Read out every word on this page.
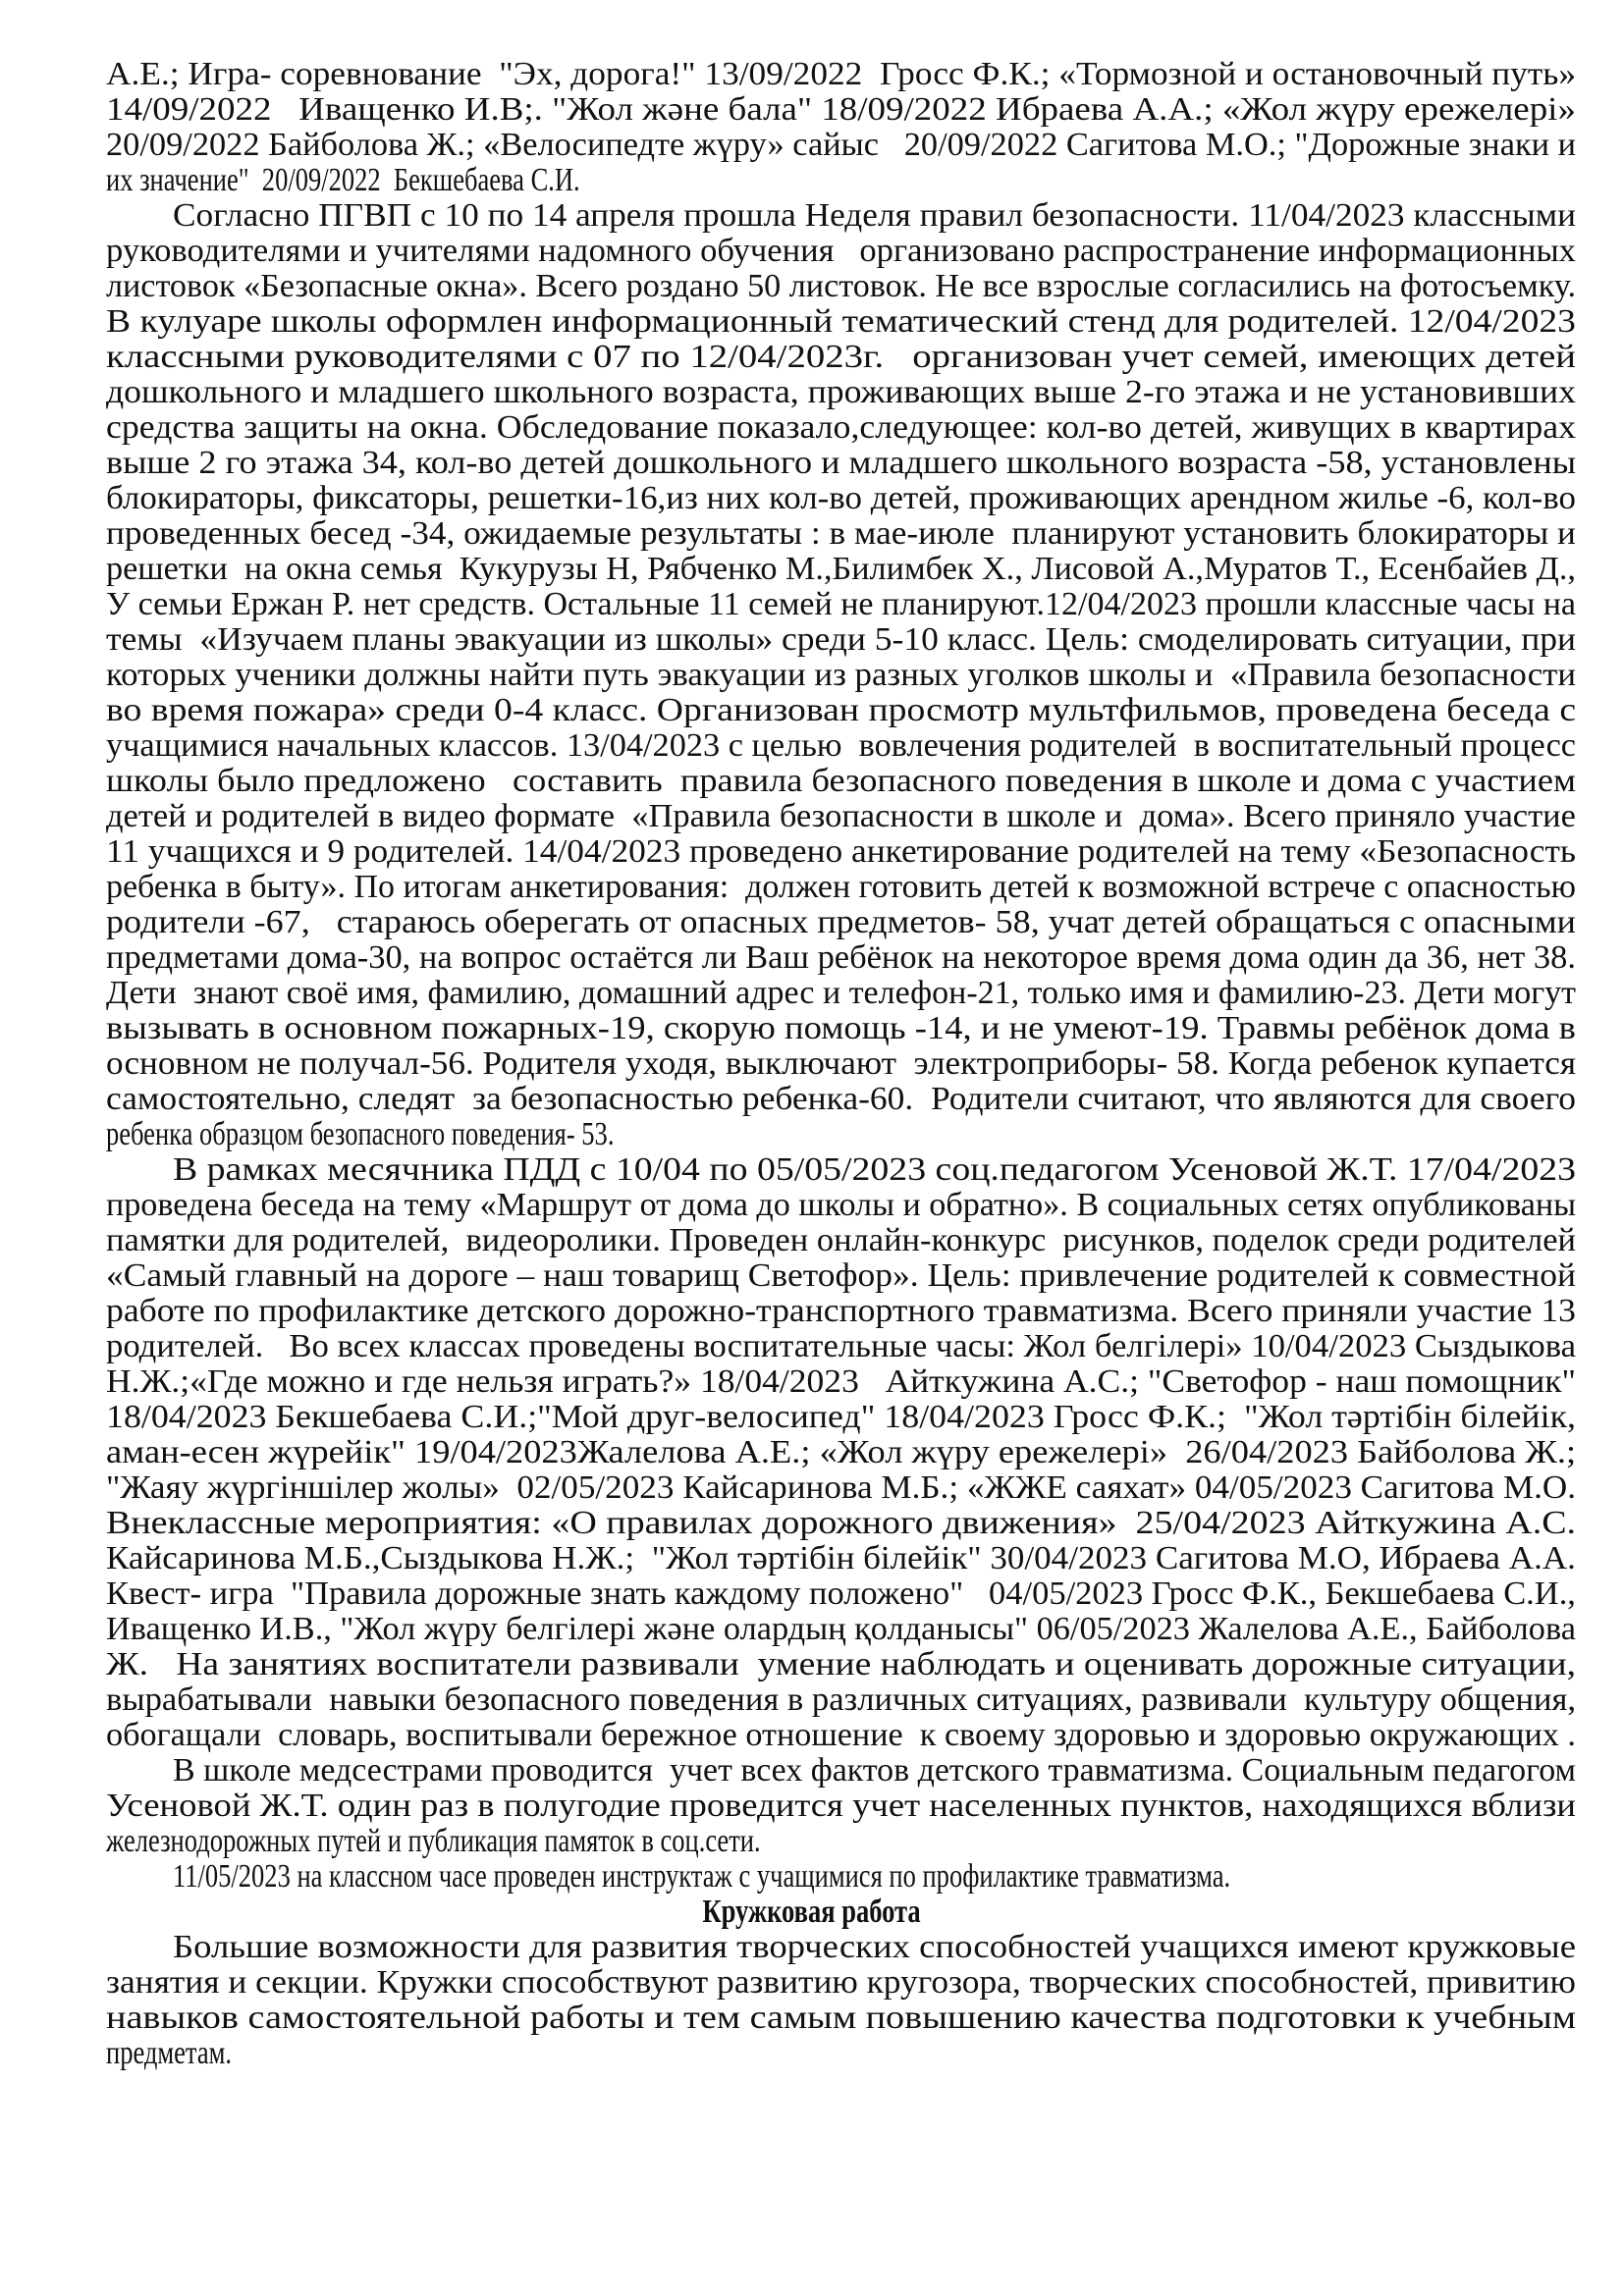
А.Е.; Игра- соревнование  "Эх, дорога!" 13/09/2022  Гросс Ф.К.; «Тормозной и остановочный путь»
14/09/2022   Иващенко И.В;. "Жол және бала" 18/09/2022 Ибраева А.А.; «Жол жүру ережелері»
20/09/2022 Байболова Ж.; «Велосипедте жүру» сайыс   20/09/2022 Сагитова М.О.; "Дорожные знаки и
их значение"  20/09/2022  Бекшебаева С.И.
Согласно ПГВП с 10 по 14 апреля прошла Неделя правил безопасности. 11/04/2023 классными
руководителями и учителями надомного обучения   организовано распространение информационных
листовок «Безопасные окна». Всего роздано 50 листовок. Не все взрослые согласились на фотосъемку.
В кулуаре школы оформлен информационный тематический стенд для родителей. 12/04/2023
классными руководителями с 07 по 12/04/2023г.   организован учет семей, имеющих детей
дошкольного и младшего школьного возраста, проживающих выше 2-го этажа и не установивших
средства защиты на окна. Обследование показало,следующее: кол-во детей, живущих в квартирах
выше 2 го этажа 34, кол-во детей дошкольного и младшего школьного возраста -58, установлены
блокираторы, фиксаторы, решетки-16,из них кол-во детей, проживающих арендном жилье -6, кол-во
проведенных бесед -34, ожидаемые результаты : в мае-июле  планируют установить блокираторы и
решетки  на окна семья  Кукурузы Н, Рябченко М.,Билимбек Х., Лисовой А.,Муратов Т., Есенбайев Д.,
У семьи Ержан Р. нет средств. Остальные 11 семей не планируют.12/04/2023 прошли классные часы на
темы  «Изучаем планы эвакуации из школы» среди 5-10 класс. Цель: смоделировать ситуации, при
которых ученики должны найти путь эвакуации из разных уголков школы и  «Правила безопасности
во время пожара» среди 0-4 класс. Организован просмотр мультфильмов, проведена беседа с
учащимися начальных классов. 13/04/2023 с целью  вовлечения родителей  в воспитательный процесс
школы было предложено   составить  правила безопасного поведения в школе и дома с участием
детей и родителей в видео формате  «Правила безопасности в школе и  дома». Всего приняло участие
11 учащихся и 9 родителей. 14/04/2023 проведено анкетирование родителей на тему «Безопасность
ребенка в быту». По итогам анкетирования:  должен готовить детей к возможной встрече с опасностью
родители -67,   стараюсь оберегать от опасных предметов- 58, учат детей обращаться с опасными
предметами дома-30, на вопрос остаётся ли Ваш ребёнок на некоторое время дома один да 36, нет 38.
Дети  знают своё имя, фамилию, домашний адрес и телефон-21, только имя и фамилию-23. Дети могут
вызывать в основном пожарных-19, скорую помощь -14, и не умеют-19. Травмы ребёнок дома в
основном не получал-56. Родителя уходя, выключают  электроприборы- 58. Когда ребенок купается
самостоятельно, следят  за безопасностью ребенка-60.  Родители считают, что являются для своего
ребенка образцом безопасного поведения- 53.
В рамках месячника ПДД с 10/04 по 05/05/2023 соц.педагогом Усеновой Ж.Т. 17/04/2023
проведена беседа на тему «Маршрут от дома до школы и обратно». В социальных сетях опубликованы
памятки для родителей,  видеоролики. Проведен онлайн-конкурс  рисунков, поделок среди родителей
«Самый главный на дороге – наш товарищ Светофор». Цель: привлечение родителей к совместной
работе по профилактике детского дорожно-транспортного травматизма. Всего приняли участие 13
родителей.   Во всех классах проведены воспитательные часы: Жол белгілері» 10/04/2023 Сыздыкова
Н.Ж.;«Где можно и где нельзя играть?» 18/04/2023   Айткужина А.С.; "Светофор - наш помощник"
18/04/2023 Бекшебаева С.И.;"Мой друг-велосипед" 18/04/2023 Гросс Ф.К.;  "Жол тәртібін білейік,
аман-есен жүрейік" 19/04/2023Жалелова А.Е.; «Жол жүру ережелері»  26/04/2023 Байболова Ж.;
"Жаяу жүргіншілер жолы»  02/05/2023 Кайсаринова М.Б.; «ЖЖЕ саяхат» 04/05/2023 Сагитова М.О.
Внеклассные мероприятия: «О правилах дорожного движения»  25/04/2023 Айткужина А.С.
Кайсаринова М.Б.,Сыздыкова Н.Ж.;  "Жол тәртібін білейік" 30/04/2023 Сагитова М.О, Ибраева А.А.
Квест- игра  "Правила дорожные знать каждому положено"   04/05/2023 Гросс Ф.К., Бекшебаева С.И.,
Иващенко И.В., "Жол жүру белгілері және олардың қолданысы" 06/05/2023 Жалелова А.Е., Байболова
Ж.   На занятиях воспитатели развивали  умение наблюдать и оценивать дорожные ситуации,
вырабатывали  навыки безопасного поведения в различных ситуациях, развивали  культуру общения,
обогащали  словарь, воспитывали бережное отношение  к своему здоровью и здоровью окружающих .
В школе медсестрами проводится  учет всех фактов детского травматизма. Социальным педагогом
Усеновой Ж.Т. один раз в полугодие проведится учет населенных пунктов, находящихся вблизи
железнодорожных путей и публикация памяток в соц.сети.
11/05/2023 на классном часе проведен инструктаж с учащимися по профилактике травматизма.
Кружковая работа
Большие возможности для развития творческих способностей учащихся имеют кружковые
занятия и секции. Кружки способствуют развитию кругозора, творческих способностей, привитию
навыков самостоятельной работы и тем самым повышению качества подготовки к учебным
предметам.
